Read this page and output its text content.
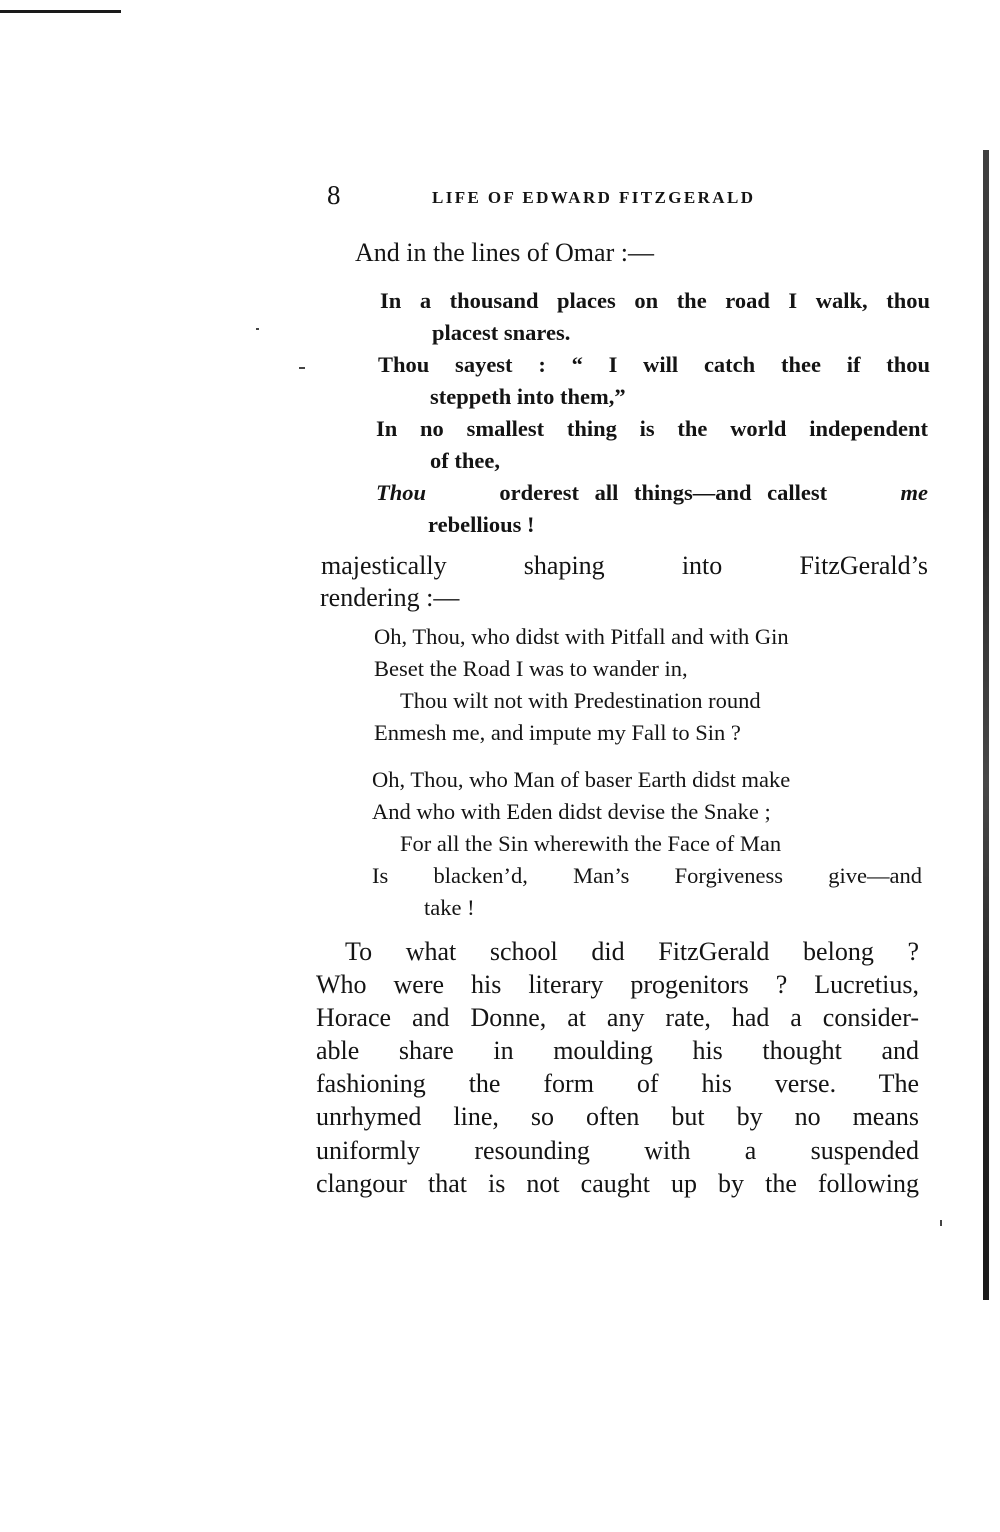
8	LIFE OF EDWARD FITZGERALD
And in the lines of Omar :—
In a thousand places on the road I walk, thou
placest snares.
Thou sayest : “ I will catch thee if thou
steppeth into them,”
In no smallest thing is the world independent
of thee,
Thou	orderest all things—and callest	me
rebellious !
majestically	shaping	into	FitzGerald’s
rendering :—
Oh, Thou, who didst with Pitfall and with Gin
Beset the Road I was to wander in,
Thou wilt not with Predestination round
Enmesh me, and impute my Fall to Sin ?
Oh, Thou, who Man of baser Earth didst make
And who with Eden didst devise the Snake ;
For all the Sin wherewith the Face of Man
Is blacken’d, Man’s Forgiveness give—and
take !
To what school did FitzGerald belong ?
Who were his literary progenitors ? Lucretius,
Horace and Donne, at any rate, had a consider-
able share in moulding his thought and
fashioning the form of his verse. The
unrhymed line, so often but by no means
uniformly resounding with a suspended
clangour that is not caught up by the following
